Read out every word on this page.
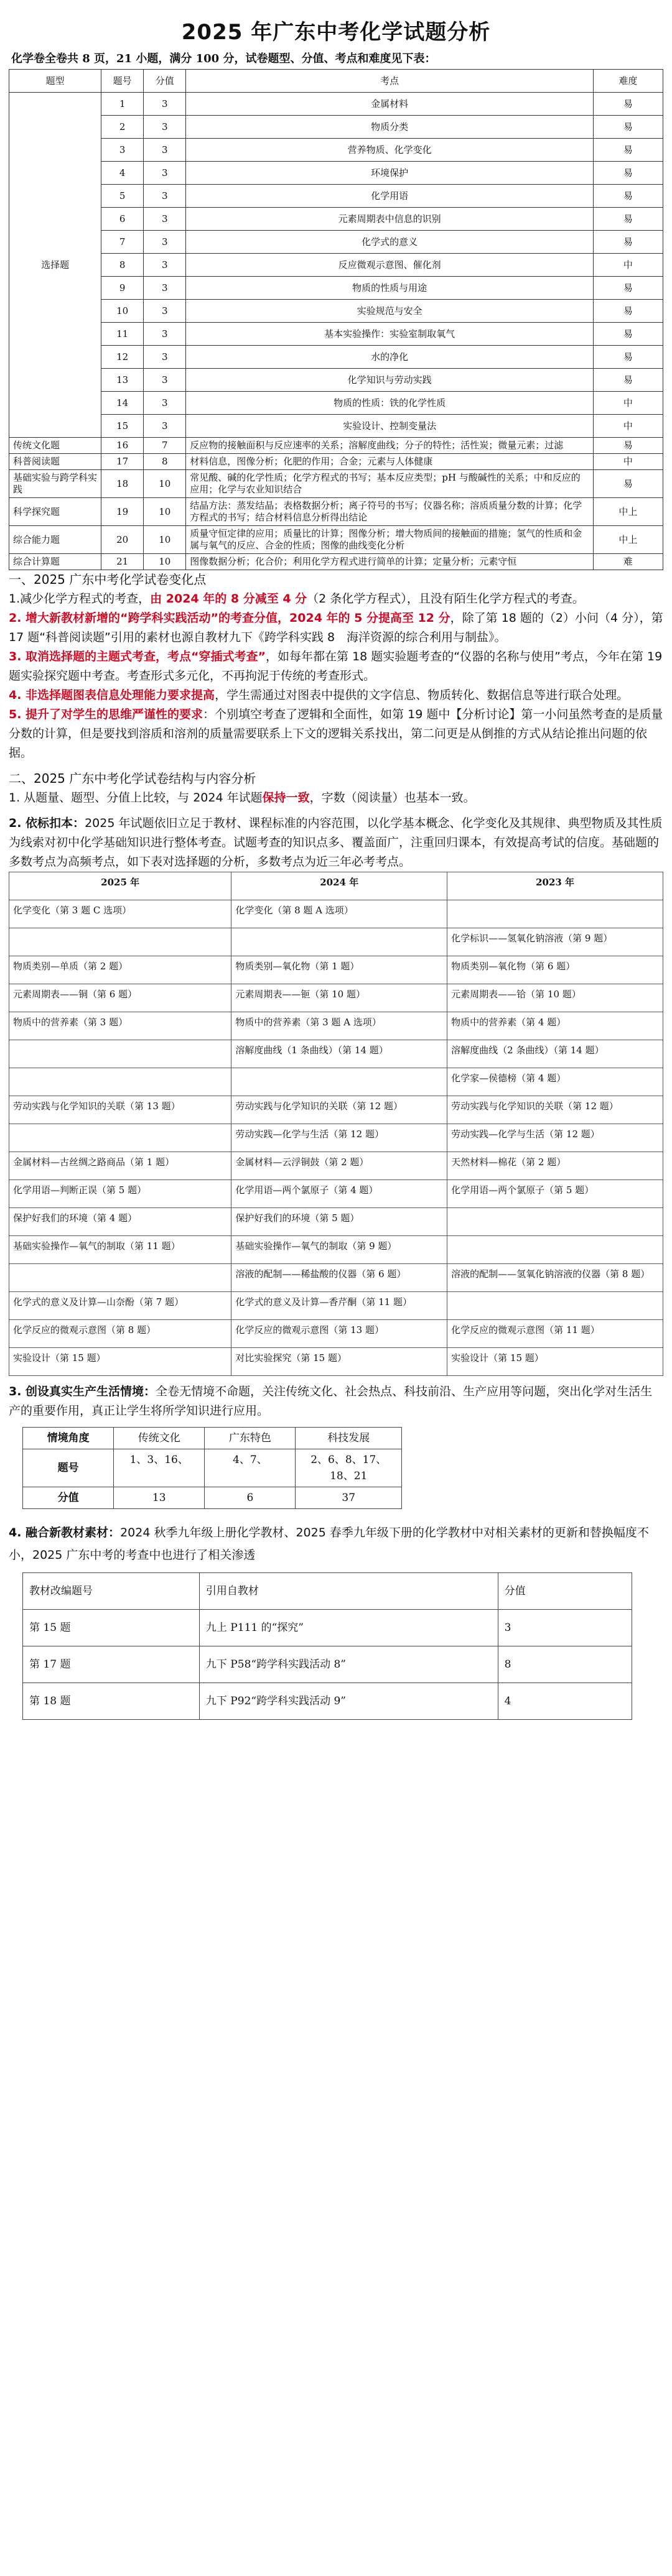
2025 年广东中考化学试题分析
化学卷全卷共 8 页，21 小题，满分 100 分，试卷题型、分值、考点和难度见下表：
题型	题号	分值	考点	难度
选择题	1	3	金属材料	易
	2	3	物质分类	易
	3	3	营养物质、化学变化	易
	4	3	环境保护	易
	5	3	化学用语	易
	6	3	元素周期表中信息的识别	易
	7	3	化学式的意义	易
	8	3	反应微观示意图、催化剂	中
	9	3	物质的性质与用途	易
	10	3	实验规范与安全	易
	11	3	基本实验操作：实验室制取氧气	易
	12	3	水的净化	易
	13	3	化学知识与劳动实践	易
	14	3	物质的性质：铁的化学性质	中
	15	3	实验设计、控制变量法	中
传统文化题	16	7	反应物的接触面积与反应速率的关系；溶解度曲线；分子的特性；活性炭；微量元素；过滤	易
科普阅读题	17	8	材料信息，图像分析；化肥的作用；合金；元素与人体健康	中
基础实验与跨学科实践	18	10	常见酸、碱的化学性质；化学方程式的书写；基本反应类型；pH 与酸碱性的关系；中和反应的应用；化学与农业知识结合	易
科学探究题	19	10	结晶方法：蒸发结晶；表格数据分析；离子符号的书写；仪器名称；溶质质量分数的计算；化学方程式的书写；结合材料信息分析得出结论	中上
综合能力题	20	10	质量守恒定律的应用；质量比的计算；图像分析；增大物质间的接触面的措施；氢气的性质和金属与氧气的反应、合金的性质；图像的曲线变化分析	中上
综合计算题	21	10	图像数据分析；化合价；利用化学方程式进行简单的计算；定量分析；元素守恒	难

一、2025 广东中考化学试卷变化点

1.减少化学方程式的考查，由 2024 年的 8 分减至 4 分（2 条化学方程式），且没有陌生化学方程式的考查。

2. 增大新教材新增的“跨学科实践活动”的考查分值，2024 年的 5 分提高至 12 分，除了第 18 题的（2）小问（4 分），第 17 题“科普阅读题”引用的素材也源自教材九下《跨学科实践 8　海洋资源的综合利用与制盐》。

3. 取消选择题的主题式考查，考点“穿插式考查”，如每年都在第 18 题实验题考查的“仪器的名称与使用”考点，今年在第 19 题实验探究题中考查。考查形式多元化，不再拘泥于传统的考查形式。

4. 非选择题图表信息处理能力要求提高，学生需通过对图表中提供的文字信息、物质转化、数据信息等进行联合处理。

5. 提升了对学生的思维严谨性的要求：个别填空考查了逻辑和全面性，如第 19 题中【分析讨论】第一小问虽然考查的是质量分数的计算，但是要找到溶质和溶剂的质量需要联系上下文的逻辑关系找出，第二问更是从倒推的方式从结论推出问题的依据。

二、2025 广东中考化学试卷结构与内容分析

1. 从题量、题型、分值上比较，与 2024 年试题保持一致，字数（阅读量）也基本一致。

2. 依标扣本：2025 年试题依旧立足于教材、课程标准的内容范围，以化学基本概念、化学变化及其规律、典型物质及其性质为线索对初中化学基础知识进行整体考查。试题考查的知识点多、覆盖面广，注重回归课本，有效提高考试的信度。基础题的多数考点为高频考点，如下表对选择题的分析，多数考点为近三年必考考点。

2025 年	2024 年	2023 年
化学变化（第 3 题 C 选项）	化学变化（第 8 题 A 选项）	
		化学标识——氢氧化钠溶液（第 9 题）
物质类别—单质（第 2 题）	物质类别—氧化物（第 1 题）	物质类别—氧化物（第 6 题）
元素周期表——铜（第 6 题）	元素周期表——钷（第 10 题）	元素周期表——铪（第 10 题）
物质中的营养素（第 3 题）	物质中的营养素（第 3 题 A 选项）	物质中的营养素（第 4 题）
	溶解度曲线（1 条曲线）（第 14 题）	溶解度曲线（2 条曲线）（第 14 题）
		化学家—侯德榜（第 4 题）
劳动实践与化学知识的关联（第 13 题）	劳动实践与化学知识的关联（第 12 题）	劳动实践与化学知识的关联（第 12 题）
	劳动实践—化学与生活（第 12 题）	劳动实践—化学与生活（第 12 题）
金属材料—古丝绸之路商品（第 1 题）	金属材料—云浮铜鼓（第 2 题）	天然材料—棉花（第 2 题）
化学用语—判断正误（第 5 题）	化学用语—两个氯原子（第 4 题）	化学用语—两个氯原子（第 5 题）
保护好我们的环境（第 4 题）	保护好我们的环境（第 5 题）	
基础实验操作—氧气的制取（第 11 题）	基础实验操作—氧气的制取（第 9 题）	
	溶液的配制——稀盐酸的仪器（第 6 题）	溶液的配制——氢氧化钠溶液的仪器（第 8 题）
化学式的意义及计算—山奈酚（第 7 题）	化学式的意义及计算—香芹酮（第 11 题）	
化学反应的微观示意图（第 8 题）	化学反应的微观示意图（第 13 题）	化学反应的微观示意图（第 11 题）
实验设计（第 15 题）	对比实验探究（第 15 题）	实验设计（第 15 题）

3. 创设真实生产生活情境：全卷无情境不命题，关注传统文化、社会热点、科技前沿、生产应用等问题，突出化学对生活生产的重要作用，真正让学生将所学知识进行应用。

情境角度	传统文化	广东特色	科技发展
题号	1、3、16、	4、7、	2、6、8、17、18、21
分值	13	6	37

4. 融合新教材素材：2024 秋季九年级上册化学教材、2025 春季九年级下册的化学教材中对相关素材的更新和替换幅度不小，2025 广东中考的考查中也进行了相关渗透

教材改编题号	引用自教材	分值
第 15 题	九上 P111 的“探究”	3
第 17 题	九下 P58“跨学科实践活动 8”	8
第 18 题	九下 P92“跨学科实践活动 9”	4
